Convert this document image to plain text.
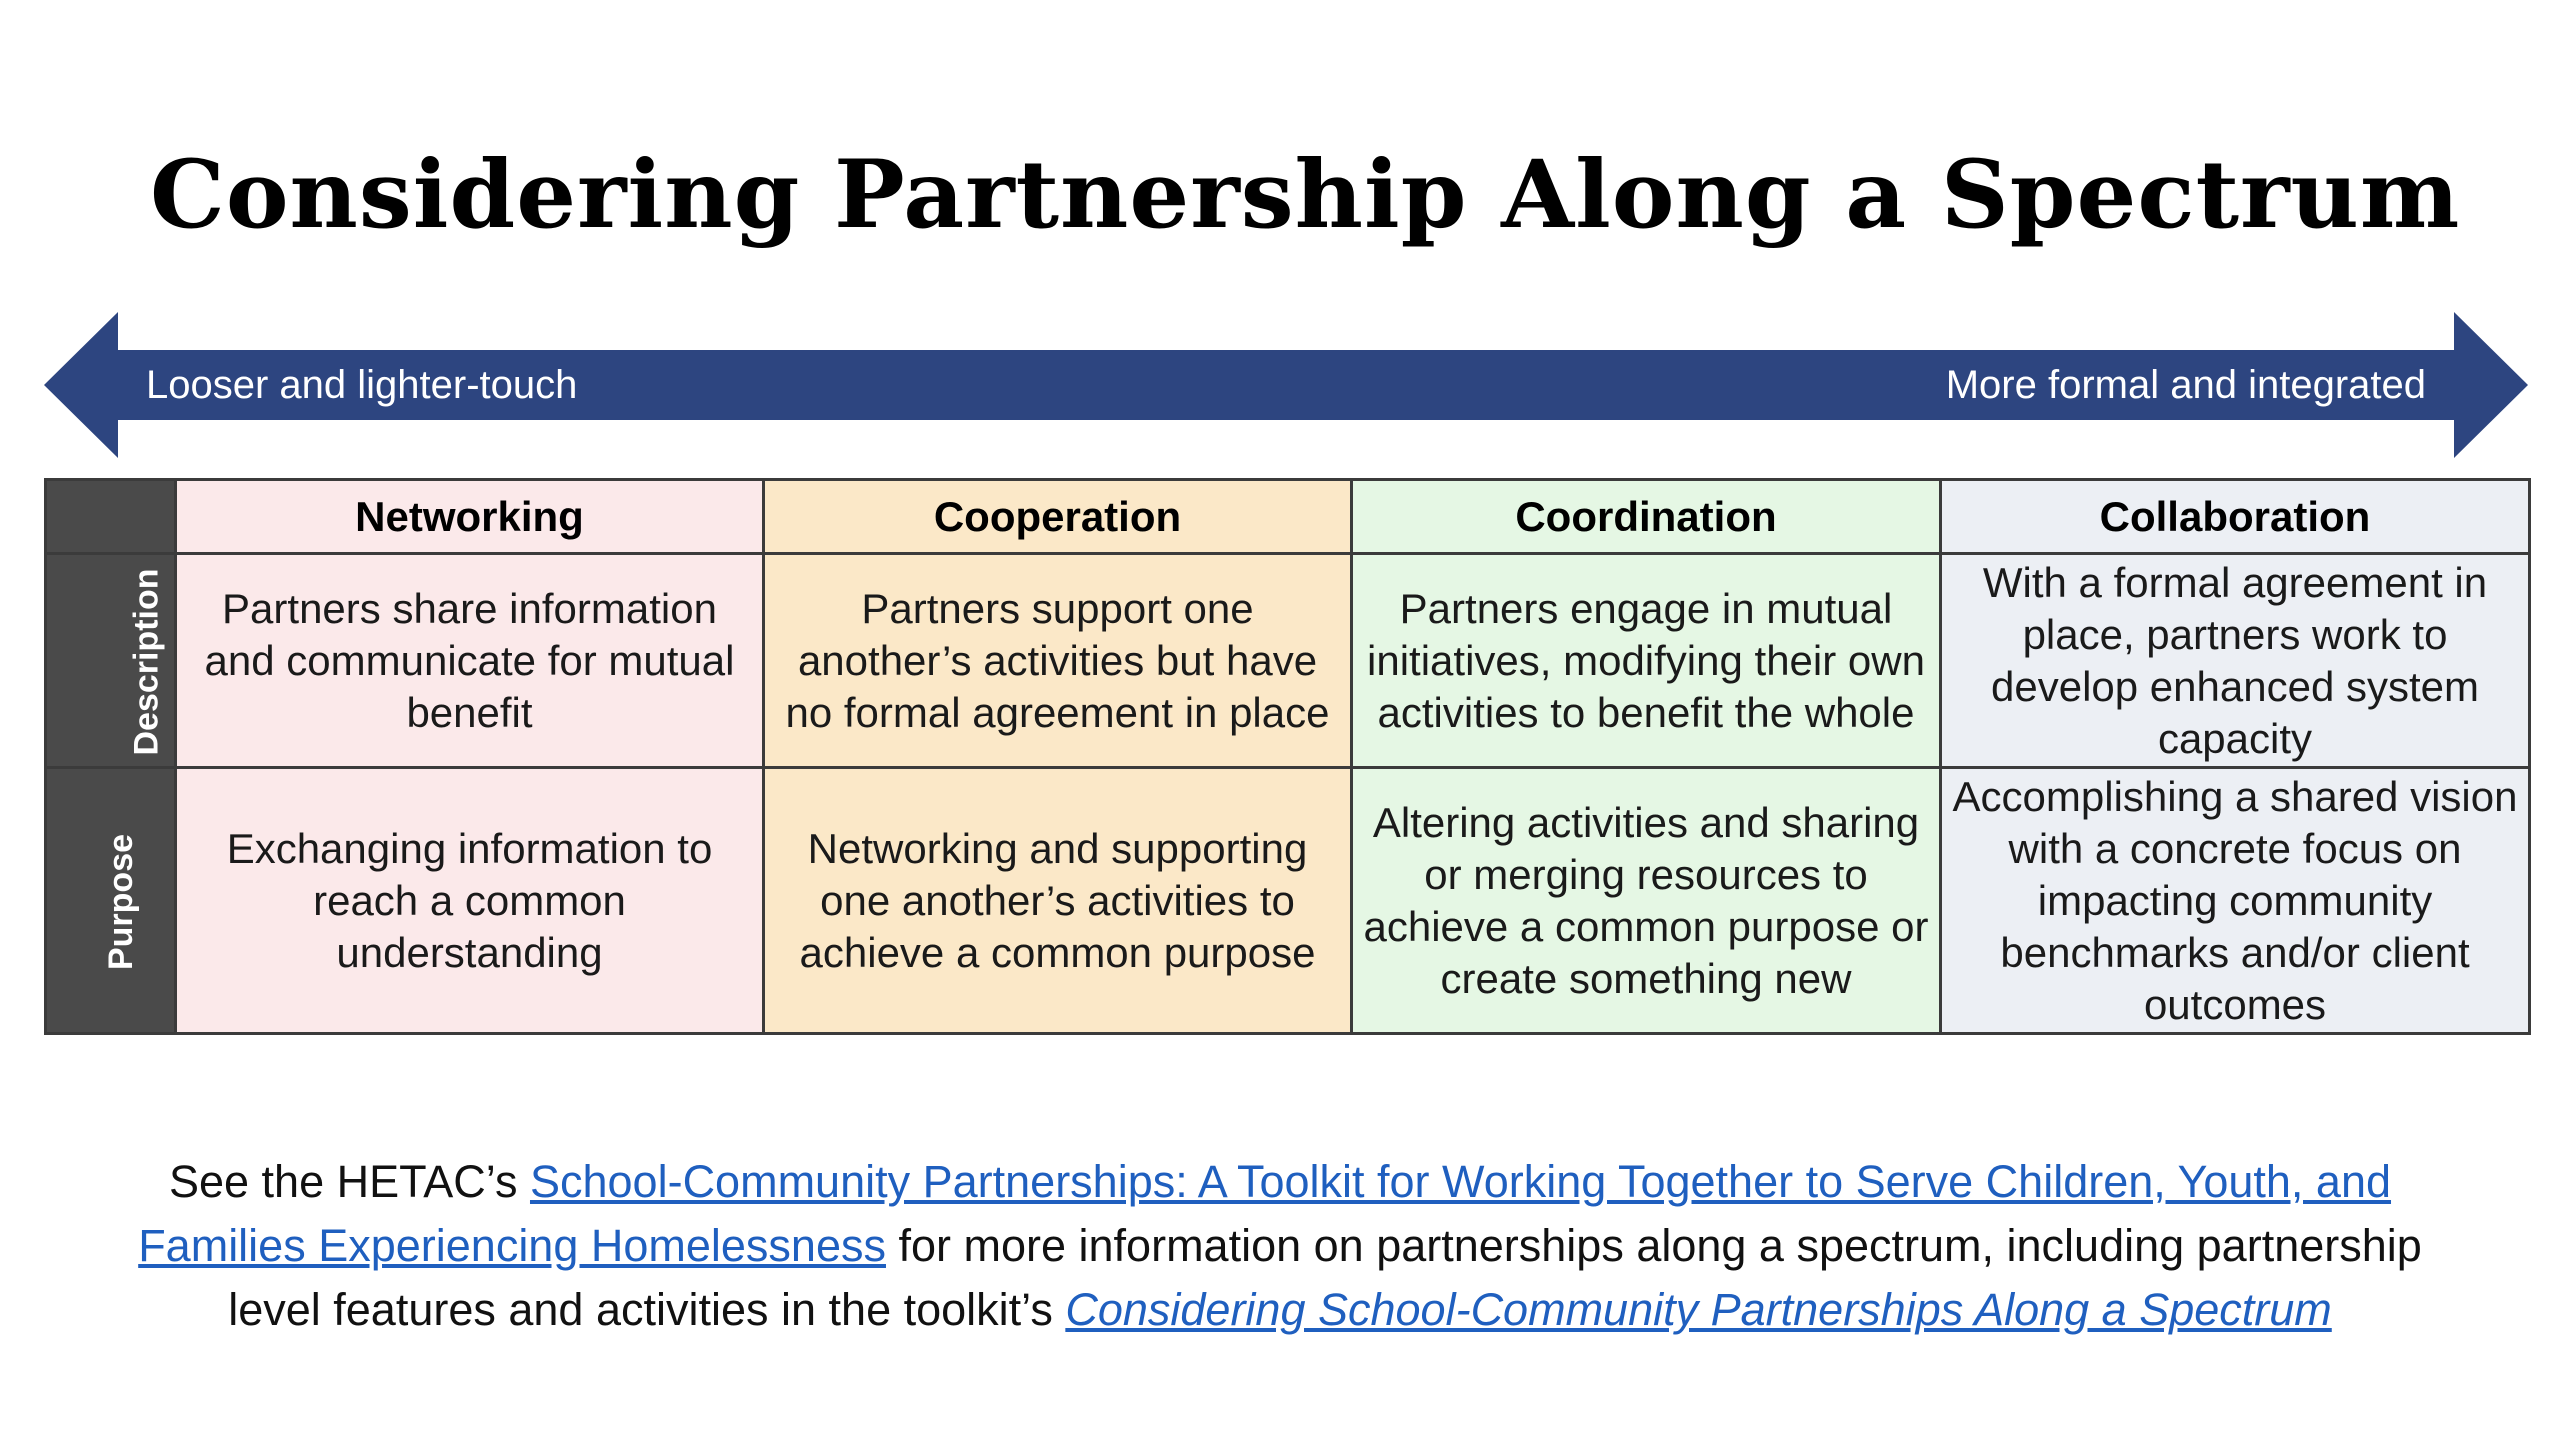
Considering Partnership Along a Spectrum
Looser and lighter-touch	More formal and integrated
	Networking	Cooperation	Coordination	Collaboration
Description	Partners share information and communicate for mutual benefit	Partners support one another’s activities but have no formal agreement in place	Partners engage in mutual initiatives, modifying their own activities to benefit the whole	With a formal agreement in place, partners work to develop enhanced system capacity
Purpose	Exchanging information to reach a common understanding	Networking and supporting one another’s activities to achieve a common purpose	Altering activities and sharing or merging resources to achieve a common purpose or create something new	Accomplishing a shared vision with a concrete focus on impacting community benchmarks and/or client outcomes

See the HETAC’s School-Community Partnerships: A Toolkit for Working Together to Serve Children, Youth, and Families Experiencing Homelessness for more information on partnerships along a spectrum, including partnership level features and activities in the toolkit’s Considering School-Community Partnerships Along a Spectrum
